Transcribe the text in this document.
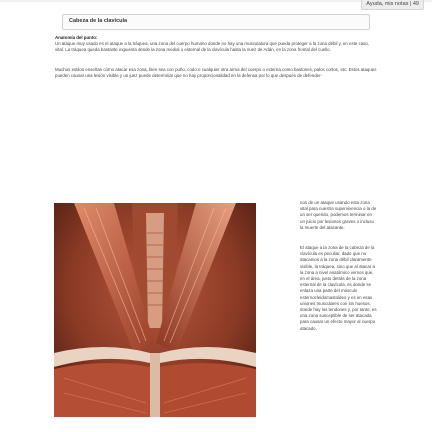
Ayuda, mis notas | 49
Cabeza de la clavícula

Anatomía del punto:
Un ataque muy usado es el ataque a la tráquea, una zona del cuerpo humano donde no hay una musculatura que pueda proteger a la zona débil y, en este caso, vital. La tráquea queda bastante expuesta desde la zona medial o esternal de la clavícula hasta la nuez de Adán, en la zona frontal del cuello.

Muchos estilos enseñan cómo atacar esa zona, bien sea con puño, codo o cualquier otra arma del cuerpo o externa como bastones, palos cortos, etc. Estos ataques pueden causar una lesión visible y un juez puede determinar que no hay proporcionalidad en la defensa por lo que después de defender-

nos de un ataque usando esta zona vital para nuestra supervivencia o la de un ser querido, podemos terminar en un juicio por lesiones graves o incluso la muerte del atacante.

El ataque a la zona de la cabeza de la clavícula es peculiar, dado que no atacamos a la zona débil claramente visible, la tráquea, sino que al atacar a la zona a nivel anatómico vemos que, en el área, justo detrás de la zona esternal de la clavícula, es donde se enlaza una parte del músculo esternocleidomastoideo y es en esas uniones musculares con los huesos, donde hay los tendones y, por tanto, es una zona susceptible de ser atacada para causar un efecto mayor al cuerpo atacado.
